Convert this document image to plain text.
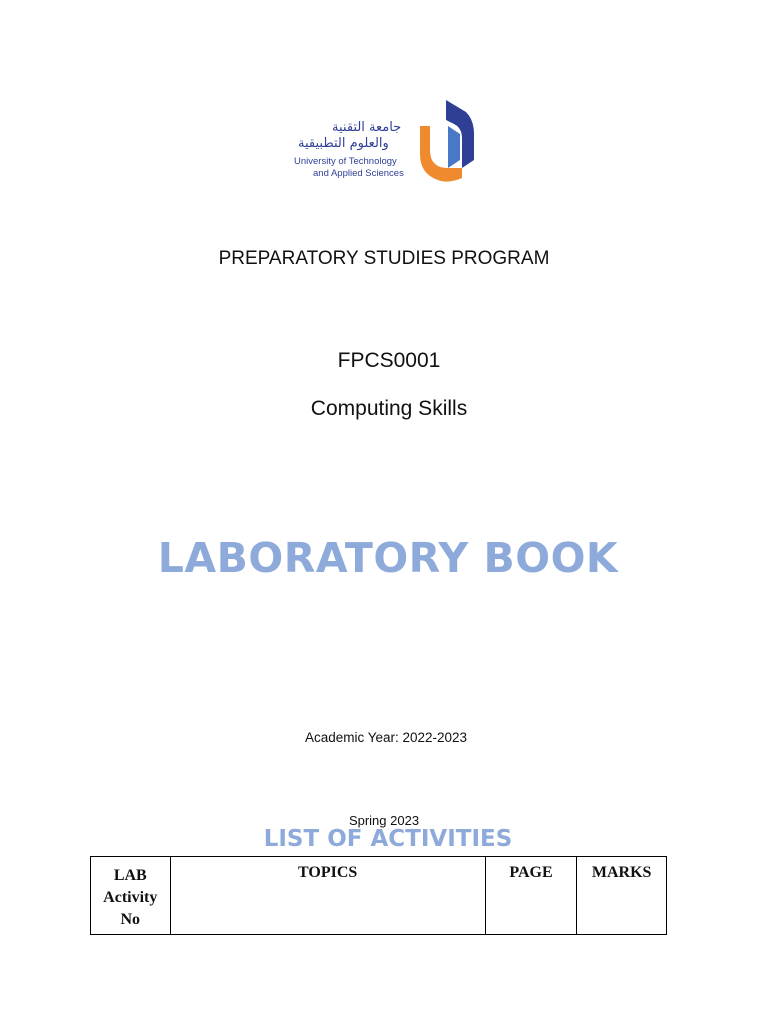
جامعة التقنية
والعلوم التطبيقية
University of Technology
and Applied Sciences
PREPARATORY STUDIES PROGRAM
FPCS0001
Computing Skills
LABORATORY BOOK
Academic Year: 2022-2023
Spring 2023
LIST OF ACTIVITIES
LAB Activity No	TOPICS	PAGE	MARKS
